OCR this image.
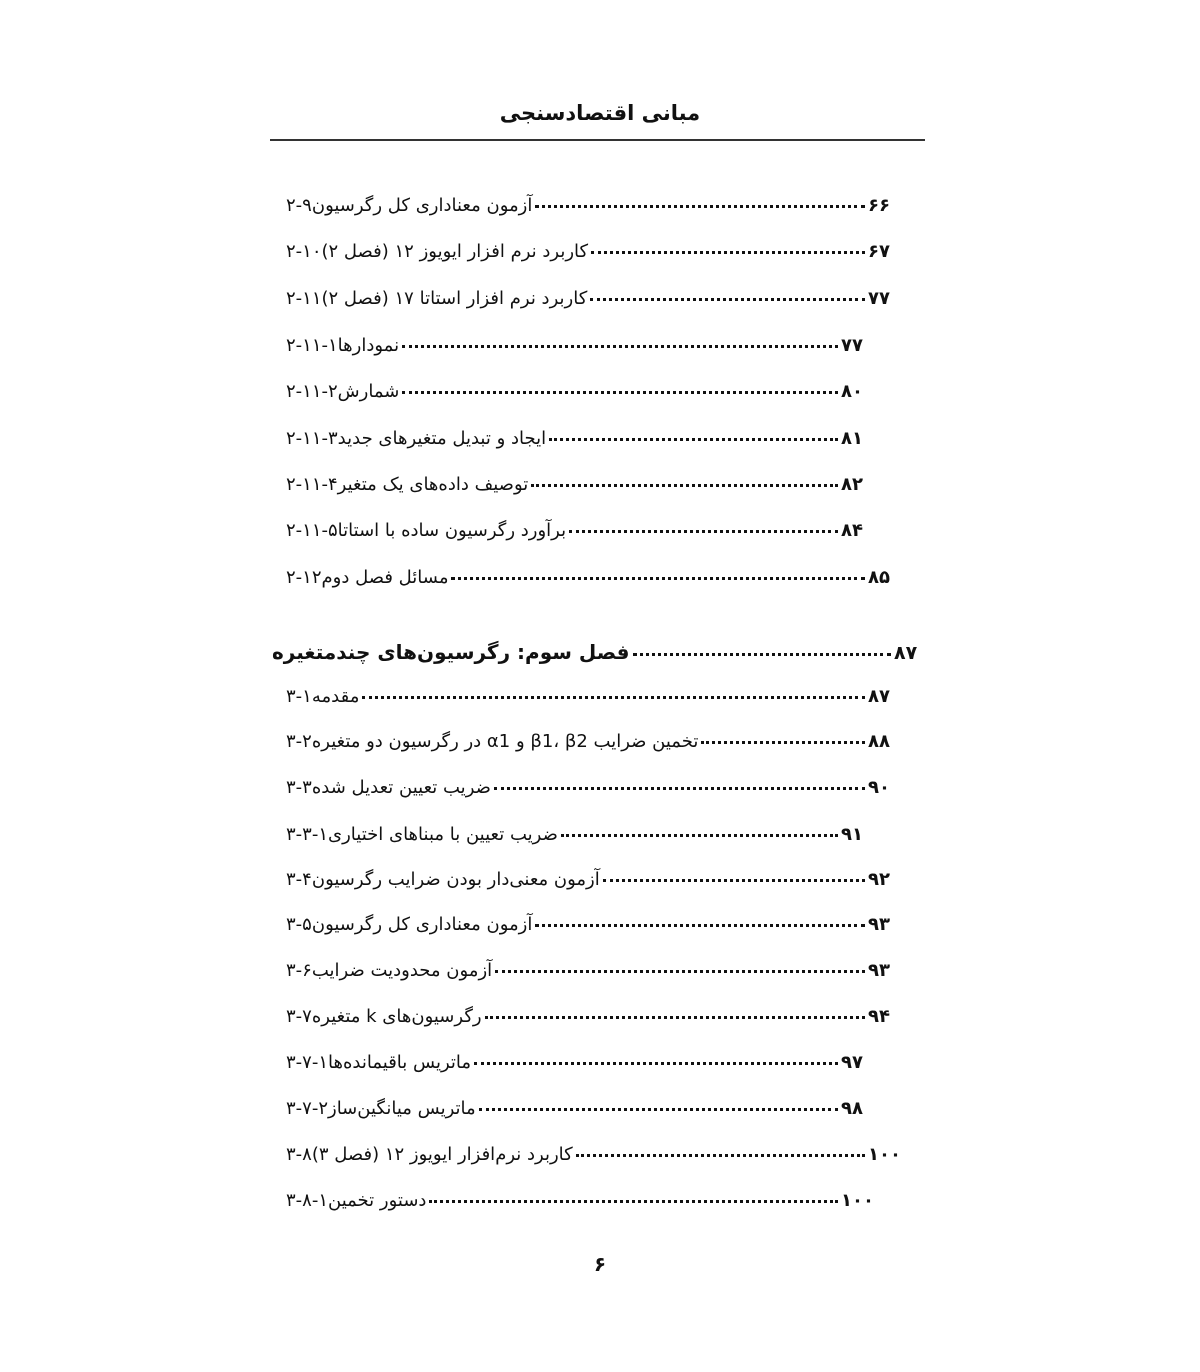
مبانی اقتصادسنجی
۲-۹ آزمون معناداری کل رگرسیون	۶۶
۲-۱۰ کاربرد نرم افزار ایویوز ۱۲ (فصل ۲)	۶۷
۲-۱۱ کاربرد نرم افزار استاتا ۱۷ (فصل ۲)	۷۷
۲-۱۱-۱ نمودارها	۷۷
۲-۱۱-۲ شمارش	۸۰
۲-۱۱-۳ ایجاد و تبدیل متغیرهای جدید	۸۱
۲-۱۱-۴ توصیف داده‌های یک متغیر	۸۲
۲-۱۱-۵ برآورد رگرسیون ساده با استاتا	۸۴
۲-۱۲ مسائل فصل دوم	۸۵
فصل سوم: رگرسیون‌های چندمتغیره	۸۷
۳-۱ مقدمه	۸۷
۳-۲ تخمین ضرایب β1، β2 و α1 در رگرسیون دو متغیره	۸۸
۳-۳ ضریب تعیین تعدیل شده	۹۰
۳-۳-۱ ضریب تعیین با مبناهای اختیاری	۹۱
۳-۴ آزمون معنی‌دار بودن ضرایب رگرسیون	۹۲
۳-۵ آزمون معناداری کل رگرسیون	۹۳
۳-۶ آزمون محدودیت ضرایب	۹۳
۳-۷ رگرسیون‌های k متغیره	۹۴
۳-۷-۱ ماتریس باقیمانده‌ها	۹۷
۳-۷-۲ ماتریس میانگین‌ساز	۹۸
۳-۸ کاربرد نرم‌افزار ایویوز ۱۲ (فصل ۳)	۱۰۰
۳-۸-۱ دستور تخمین	۱۰۰
۶
